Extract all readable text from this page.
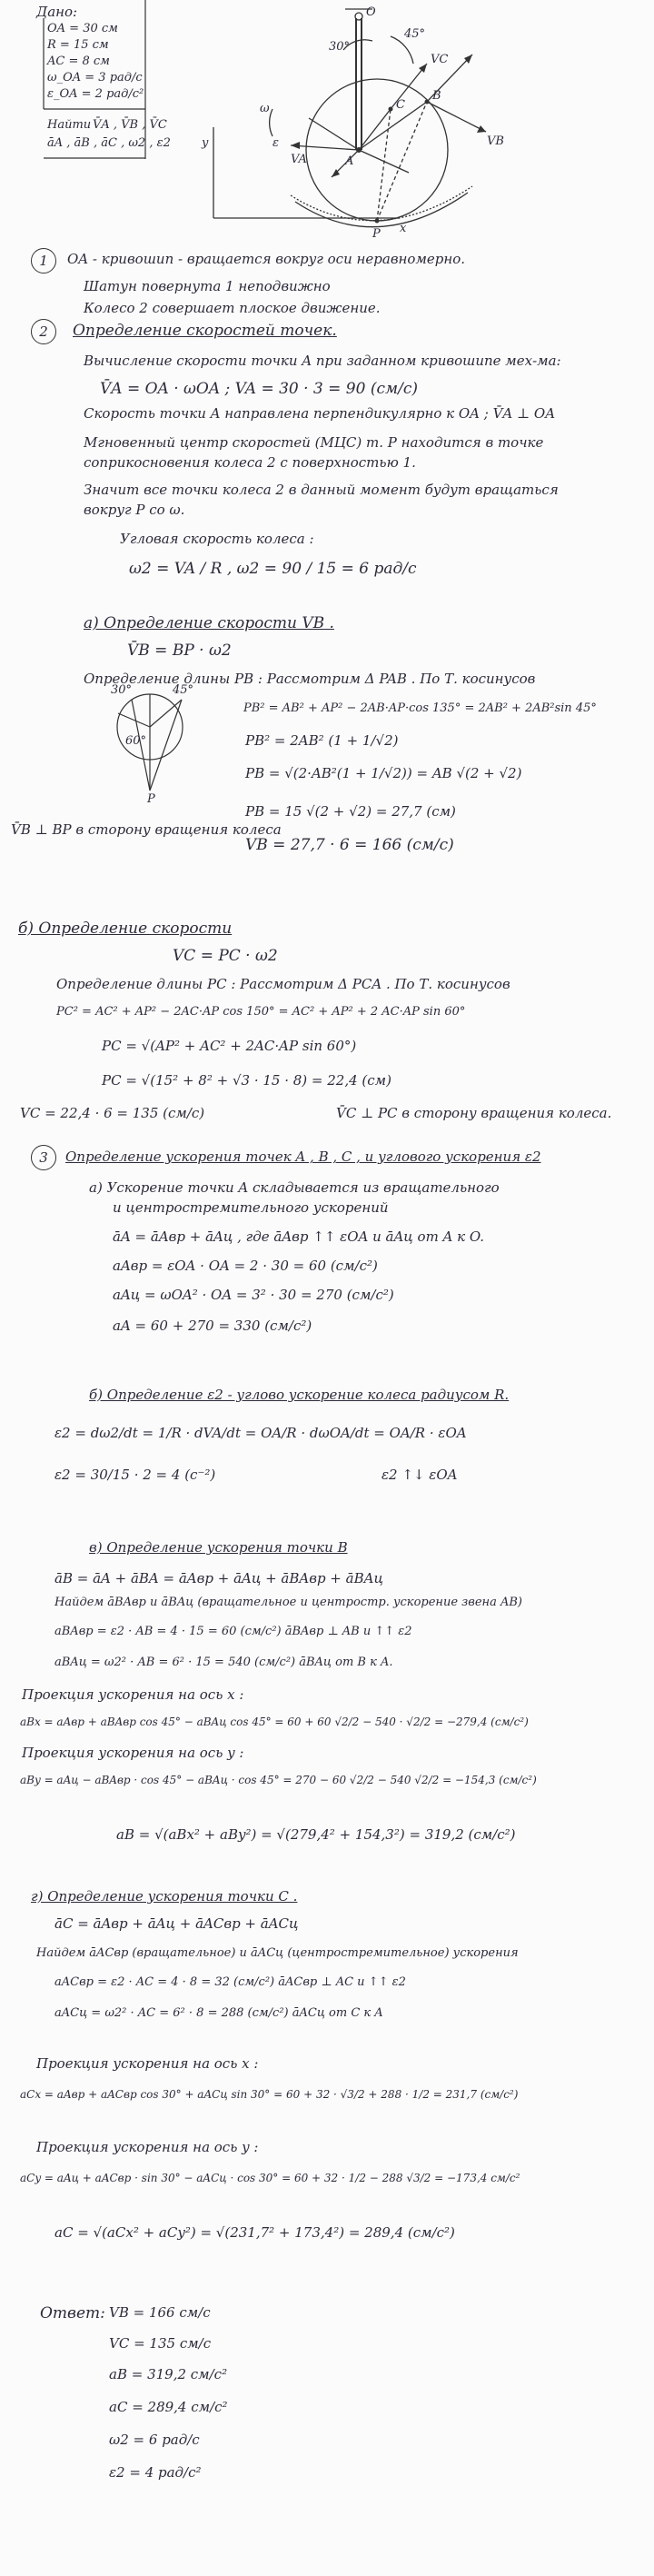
Дано:
OA = 30 см
R = 15 см
AC = 8 см
ω_OA = 3 рад/с
ε_OA = 2 рад/с²
Найти V̄A , V̄B , V̄C
āA , āB , āC , ω2 , ε2
O
A
B
C
P
y
x
30°
45°
ω
ε	VB
VA
VC
1	OA - кривошип - вращается вокруг оси неравномерно.
Шатун повернута 1 неподвижно
Колесо 2 совершает плоское движение.
2	Определение скоростей точек.
Вычисление скорости точки A при заданном кривошипе мех-ма:
V̄A = OA · ωOA ; VA = 30 · 3 = 90 (см/с)
Скорость точки A направлена перпендикулярно к OA ; V̄A ⊥ OA
Мгновенный центр скоростей (МЦС) т. P находится в точке
соприкосновения колеса 2 с поверхностью 1.
Значит все точки колеса 2 в данный момент будут вращаться
вокруг P со ω.
Угловая скорость колеса :
ω2 = VA / R , ω2 = 90 / 15 = 6 рад/с
a) Определение скорости VB .
V̄B = BP · ω2
Определение длины PB : Рассмотрим Δ PAB . По Т. косинусов
PB² = AB² + AP² − 2AB·AP·cos 135° = 2AB² + 2AB²sin 45°
PB² = 2AB² (1 + 1/√2)
PB = √(2·AB²(1 + 1/√2)) = AB √(2 + √2)
PB = 15 √(2 + √2) = 27,7 (см)
VB = 27,7 · 6 = 166 (см/с)
V̄B ⊥ BP в сторону вращения колеса
30°	45°
60°
P
б) Определение скорости
VC = PC · ω2
Определение длины PC : Рассмотрим Δ PCA . По Т. косинусов
PC² = AC² + AP² − 2AC·AP cos 150° = AC² + AP² + 2 AC·AP sin 60°
PC = √(AP² + AC² + 2AC·AP sin 60°)
PC = √(15² + 8² + √3 · 15 · 8) = 22,4 (см)
VC = 22,4 · 6 = 135 (см/с)	V̄C ⊥ PC в сторону вращения колеса.
3	Определение ускорения точек A , B , C , и углового ускорения ε2
а) Ускорение точки A складывается из вращательного
и центростремительного ускорений
āA = āAвр + āAц , где āAвр ↑↑ εOA и āAц от A к O.
aAвр = εOA · OA = 2 · 30 = 60 (см/с²)
aAц = ωOA² · OA = 3² · 30 = 270 (см/с²)
aA = 60 + 270 = 330 (см/с²)
б) Определение ε2 - углово ускорение колеса радиусом R.
ε2 = dω2/dt = 1/R · dVA/dt = OA/R · dωOA/dt = OA/R · εOA
ε2 = 30/15 · 2 = 4 (с⁻²)	ε2 ↑↓ εOA
в) Определение ускорения точки B
āB = āA + āBA = āAвр + āAц + āBAвр + āBAц
Найдем āBAвр и āBAц (вращательное и центростр. ускорение звена AB)
aBAвр = ε2 · AB = 4 · 15 = 60 (см/с²) āBAвр ⊥ AB и ↑↑ ε2
aBAц = ω2² · AB = 6² · 15 = 540 (см/с²) āBAц от B к A.
Проекция ускорения на ось x :
aBx = aAвр + aBAвр cos 45° − aBAц cos 45° = 60 + 60 √2/2 − 540 · √2/2 = −279,4 (см/с²)
Проекция ускорения на ось y :
aBy = aAц − aBAвр · cos 45° − aBAц · cos 45° = 270 − 60 √2/2 − 540 √2/2 = −154,3 (см/с²)
aB = √(aBx² + aBy²) = √(279,4² + 154,3²) = 319,2 (см/с²)
г) Определение ускорения точки C .
āC = āAвр + āAц + āACвр + āACц
Найдем āACвр (вращательное) и āACц (центростремительное) ускорения
aACвр = ε2 · AC = 4 · 8 = 32 (см/с²) āACвр ⊥ AC и ↑↑ ε2
aACц = ω2² · AC = 6² · 8 = 288 (см/с²) āACц от C к A
Проекция ускорения на ось x :
aCx = aAвр + aACвр cos 30° + aACц sin 30° = 60 + 32 · √3/2 + 288 · 1/2 = 231,7 (см/с²)
Проекция ускорения на ось y :
aCy = aAц + aACвр · sin 30° − aACц · cos 30° = 60 + 32 · 1/2 − 288 √3/2 = −173,4 см/с²
aC = √(aCx² + aCy²) = √(231,7² + 173,4²) = 289,4 (см/с²)
Ответ: VB = 166 см/с
VC = 135 см/с
aB = 319,2 см/с²
aC = 289,4 см/с²
ω2 = 6 рад/с
ε2 = 4 рад/с²
